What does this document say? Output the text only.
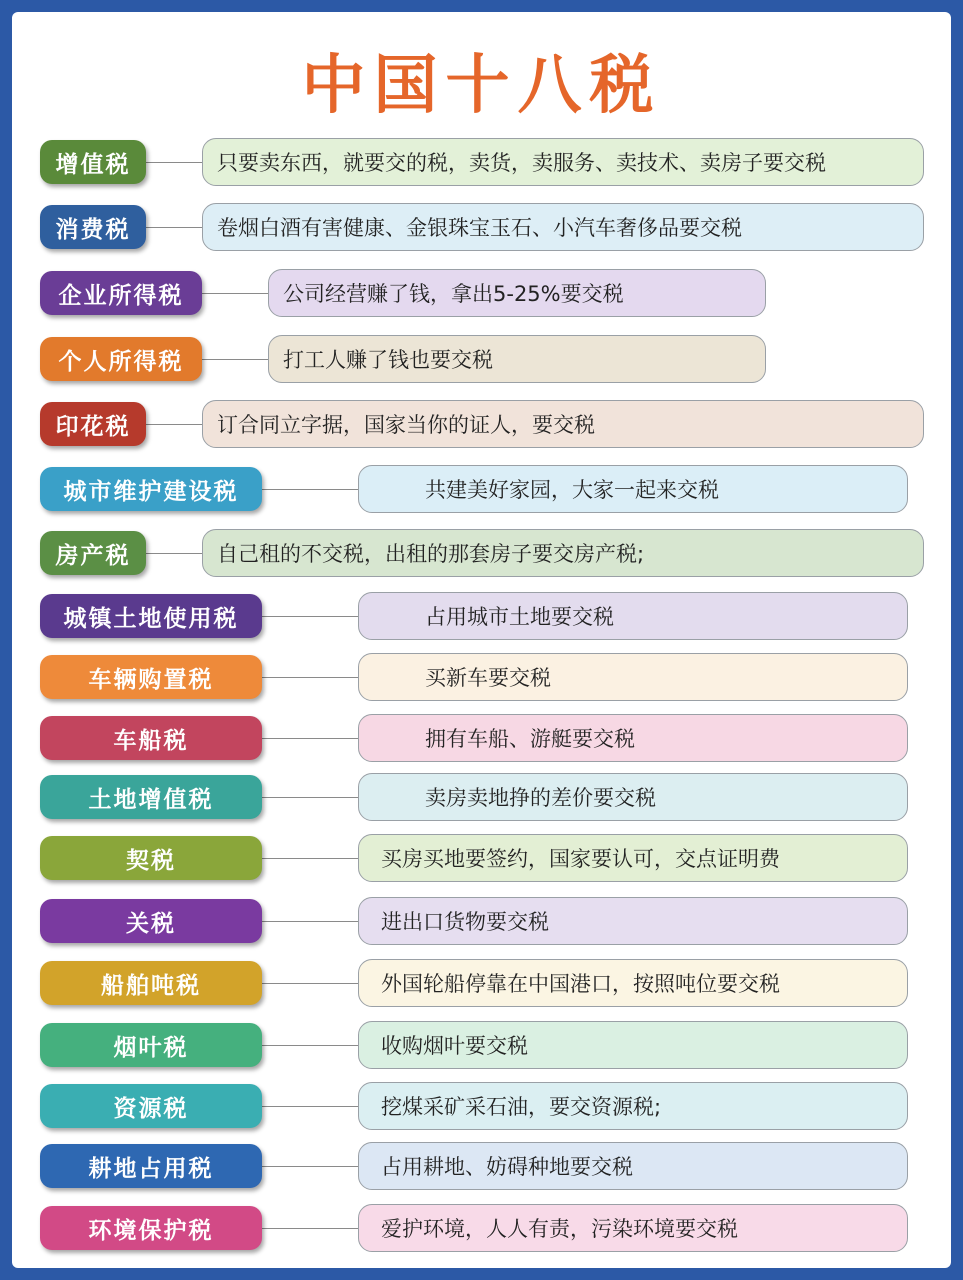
中国十八税
增值税	只要卖东西，就要交的税，卖货，卖服务、卖技术、卖房子要交税
消费税	卷烟白酒有害健康、金银珠宝玉石、小汽车奢侈品要交税
企业所得税	公司经营赚了钱，拿出5-25%要交税
个人所得税	打工人赚了钱也要交税
印花税	订合同立字据，国家当你的证人，要交税
城市维护建设税	共建美好家园，大家一起来交税
房产税	自己租的不交税，出租的那套房子要交房产税;
城镇土地使用税	占用城市土地要交税
车辆购置税	买新车要交税
车船税	拥有车船、游艇要交税
土地增值税	卖房卖地挣的差价要交税
契税	买房买地要签约，国家要认可，交点证明费
关税	进出口货物要交税
船舶吨税	外国轮船停靠在中国港口，按照吨位要交税
烟叶税	收购烟叶要交税
资源税	挖煤采矿采石油，要交资源税;
耕地占用税	占用耕地、妨碍种地要交税
环境保护税	爱护环境，人人有责，污染环境要交税
